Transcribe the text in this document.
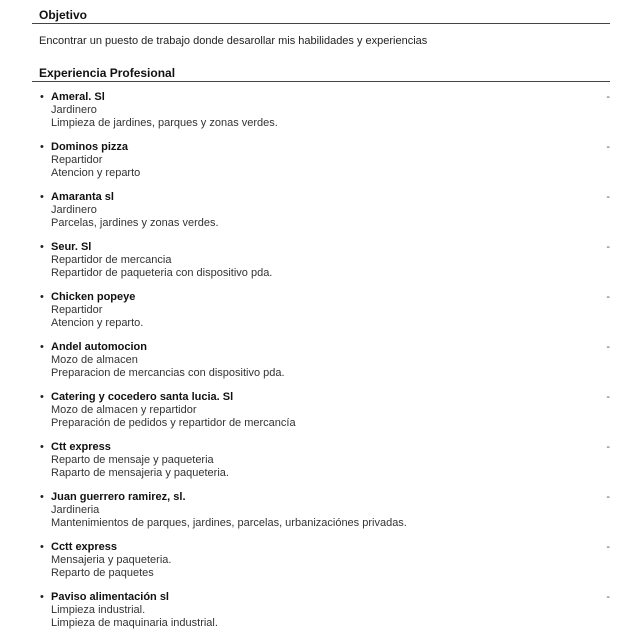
Objetivo
Encontrar un puesto de trabajo donde desarollar mis habilidades y experiencias
Experiencia Profesional
• Ameral. Sl
Jardinero
Limpieza de jardines, parques y zonas verdes.
-
• Dominos pizza
Repartidor
Atencion y reparto
-
• Amaranta sl
Jardinero
Parcelas, jardines y zonas verdes.
-
• Seur. Sl
Repartidor de mercancia
Repartidor de paqueteria con dispositivo pda.
-
• Chicken popeye
Repartidor
Atencion y reparto.
-
• Andel automocion
Mozo de almacen
Preparacion de mercancias con dispositivo pda.
-
• Catering y cocedero santa lucia. Sl
Mozo de almacen y repartidor
Preparación de pedidos y repartidor de mercancía
-
• Ctt express
Reparto de mensaje y paqueteria
Raparto de mensajeria y paqueteria.
-
• Juan guerrero ramirez, sl.
Jardineria
Mantenimientos de parques, jardines, parcelas, urbanizaciónes privadas.
-
• Cctt express
Mensajeria y paqueteria.
Reparto de paquetes
-
• Paviso alimentación sl
Limpieza industrial.
Limpieza de maquinaria industrial.
-
